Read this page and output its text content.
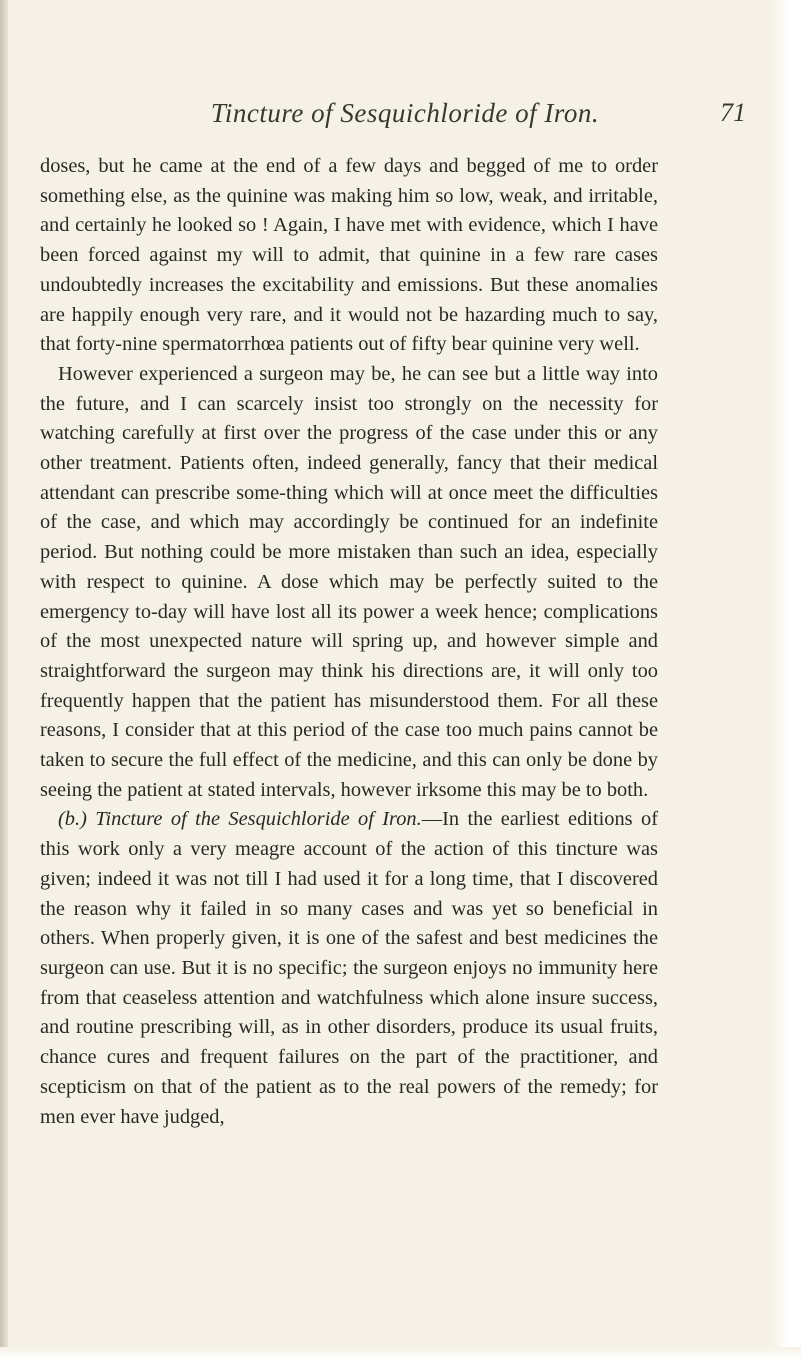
Tincture of Sesquichloride of Iron.	71

doses, but he came at the end of a few days and begged of me to order something else, as the quinine was making him so low, weak, and irritable, and certainly he looked so ! Again, I have met with evidence, which I have been forced against my will to admit, that quinine in a few rare cases undoubtedly increases the excitability and emissions. But these anomalies are happily enough very rare, and it would not be hazarding much to say, that forty-nine spermatorrhœa patients out of fifty bear quinine very well.

However experienced a surgeon may be, he can see but a little way into the future, and I can scarcely insist too strongly on the necessity for watching carefully at first over the progress of the case under this or any other treatment. Patients often, indeed generally, fancy that their medical attendant can prescribe some-thing which will at once meet the difficulties of the case, and which may accordingly be continued for an indefinite period. But nothing could be more mistaken than such an idea, especially with respect to quinine. A dose which may be perfectly suited to the emergency to-day will have lost all its power a week hence; complications of the most unexpected nature will spring up, and however simple and straightforward the surgeon may think his directions are, it will only too frequently happen that the patient has misunderstood them. For all these reasons, I consider that at this period of the case too much pains cannot be taken to secure the full effect of the medicine, and this can only be done by seeing the patient at stated intervals, however irksome this may be to both.

(b.) Tincture of the Sesquichloride of Iron.—In the earliest editions of this work only a very meagre account of the action of this tincture was given; indeed it was not till I had used it for a long time, that I discovered the reason why it failed in so many cases and was yet so beneficial in others. When properly given, it is one of the safest and best medicines the surgeon can use. But it is no specific; the surgeon enjoys no immunity here from that ceaseless attention and watchfulness which alone insure success, and routine prescribing will, as in other disorders, produce its usual fruits, chance cures and frequent failures on the part of the practitioner, and scepticism on that of the patient as to the real powers of the remedy; for men ever have judged,
